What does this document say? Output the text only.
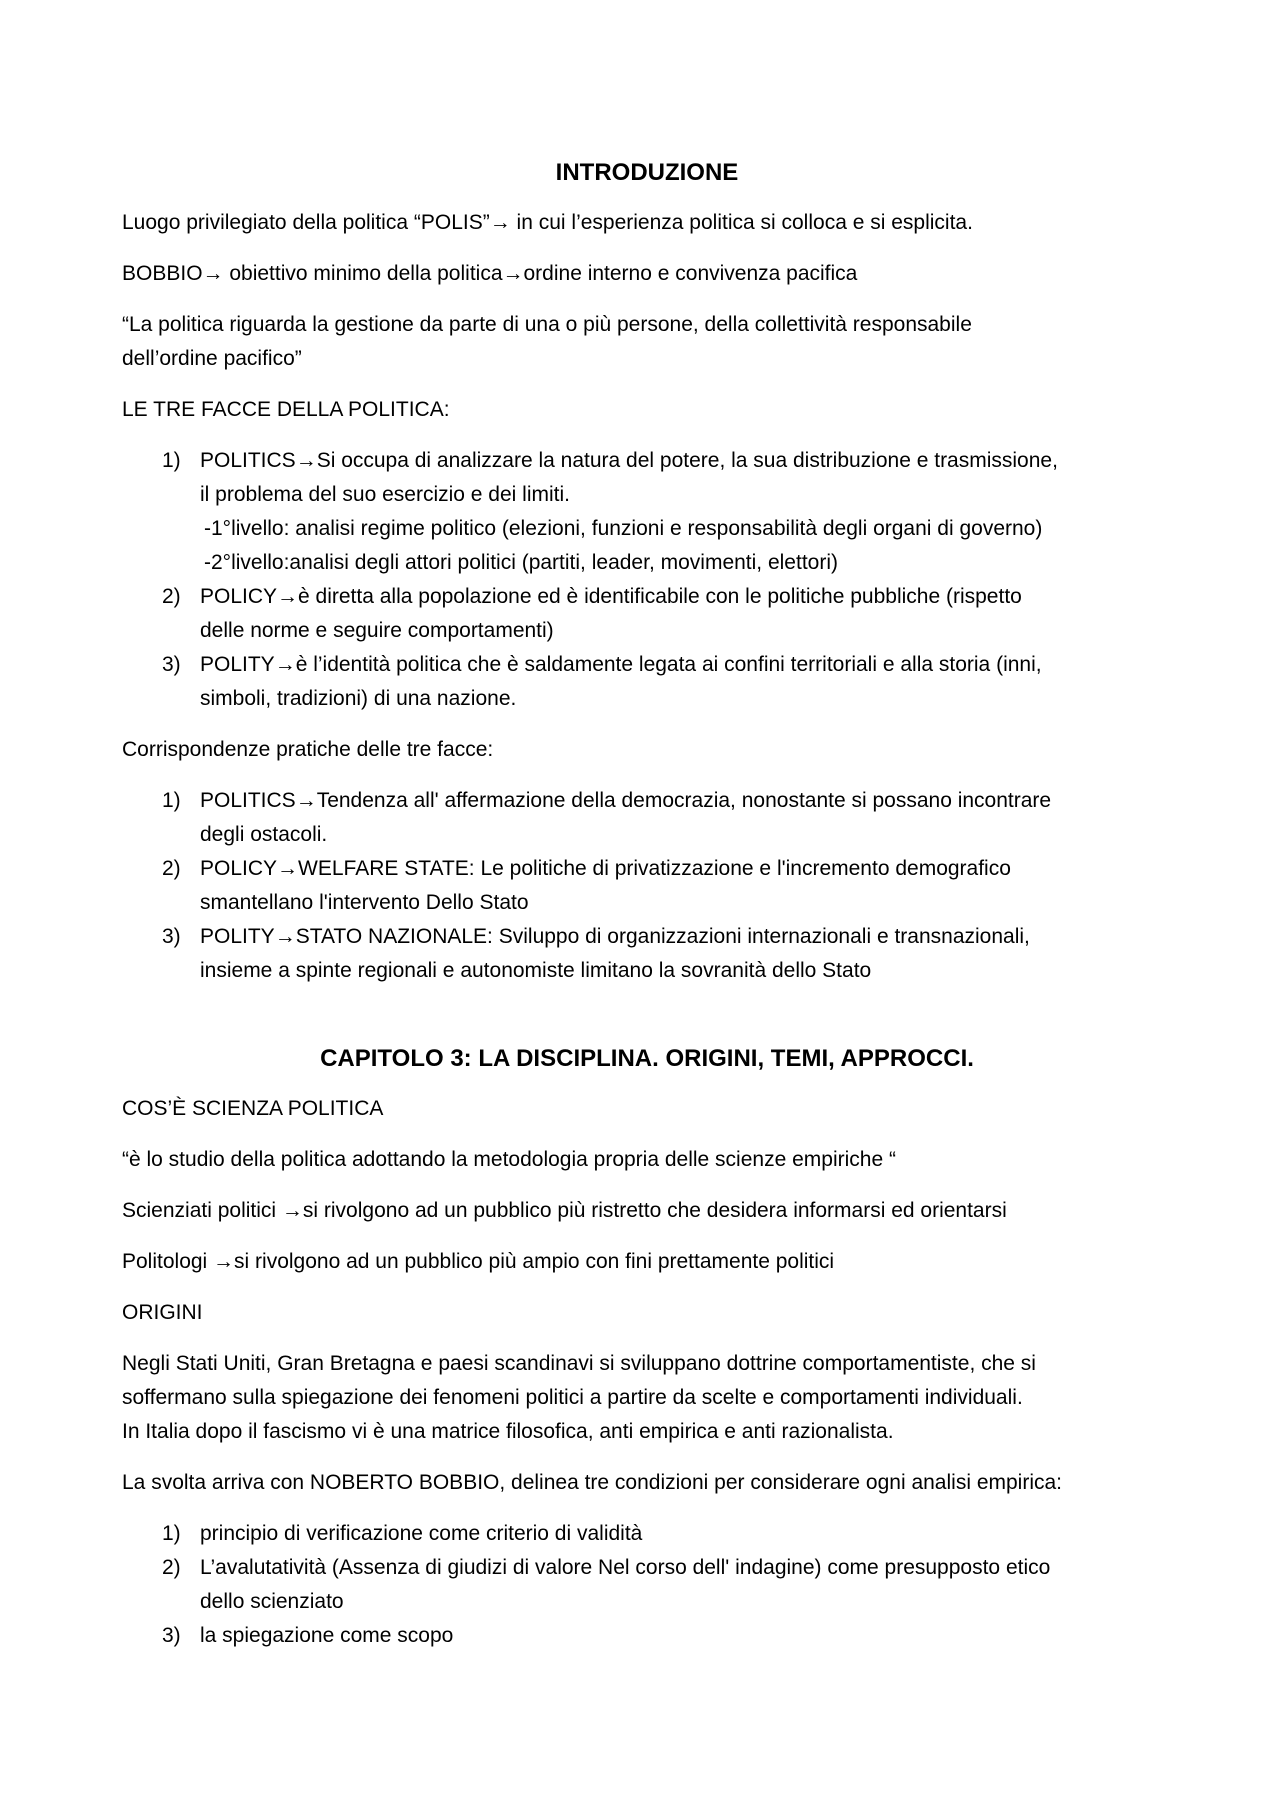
INTRODUZIONE

Luogo privilegiato della politica “POLIS”→ in cui l’esperienza politica si colloca e si esplicita.

BOBBIO→ obiettivo minimo della politica→ordine interno e convivenza pacifica

“La politica riguarda la gestione da parte di una o più persone, della collettività responsabile
dell’ordine pacifico”

LE TRE FACCE DELLA POLITICA:

1) POLITICS→Si occupa di analizzare la natura del potere, la sua distribuzione e trasmissione,
il problema del suo esercizio e dei limiti.
-1°livello: analisi regime politico (elezioni, funzioni e responsabilità degli organi di governo)
-2°livello:analisi degli attori politici (partiti, leader, movimenti, elettori)
2) POLICY→è diretta alla popolazione ed è identificabile con le politiche pubbliche (rispetto
delle norme e seguire comportamenti)
3) POLITY→è l’identità politica che è saldamente legata ai confini territoriali e alla storia (inni,
simboli, tradizioni) di una nazione.

Corrispondenze pratiche delle tre facce:

1) POLITICS→Tendenza all' affermazione della democrazia, nonostante si possano incontrare
degli ostacoli.
2) POLICY→WELFARE STATE: Le politiche di privatizzazione e l'incremento demografico
smantellano l'intervento Dello Stato
3) POLITY→STATO NAZIONALE: Sviluppo di organizzazioni internazionali e transnazionali,
insieme a spinte regionali e autonomiste limitano la sovranità dello Stato
CAPITOLO 3: LA DISCIPLINA. ORIGINI, TEMI, APPROCCI.

COS’È SCIENZA POLITICA

“è lo studio della politica adottando la metodologia propria delle scienze empiriche “

Scienziati politici →si rivolgono ad un pubblico più ristretto che desidera informarsi ed orientarsi

Politologi →si rivolgono ad un pubblico più ampio con fini prettamente politici

ORIGINI

Negli Stati Uniti, Gran Bretagna e paesi scandinavi si sviluppano dottrine comportamentiste, che si
soffermano sulla spiegazione dei fenomeni politici a partire da scelte e comportamenti individuali.
In Italia dopo il fascismo vi è una matrice filosofica, anti empirica e anti razionalista.

La svolta arriva con NOBERTO BOBBIO, delinea tre condizioni per considerare ogni analisi empirica:

1) principio di verificazione come criterio di validità
2) L’avalutatività (Assenza di giudizi di valore Nel corso dell' indagine) come presupposto etico
dello scienziato
3) la spiegazione come scopo
